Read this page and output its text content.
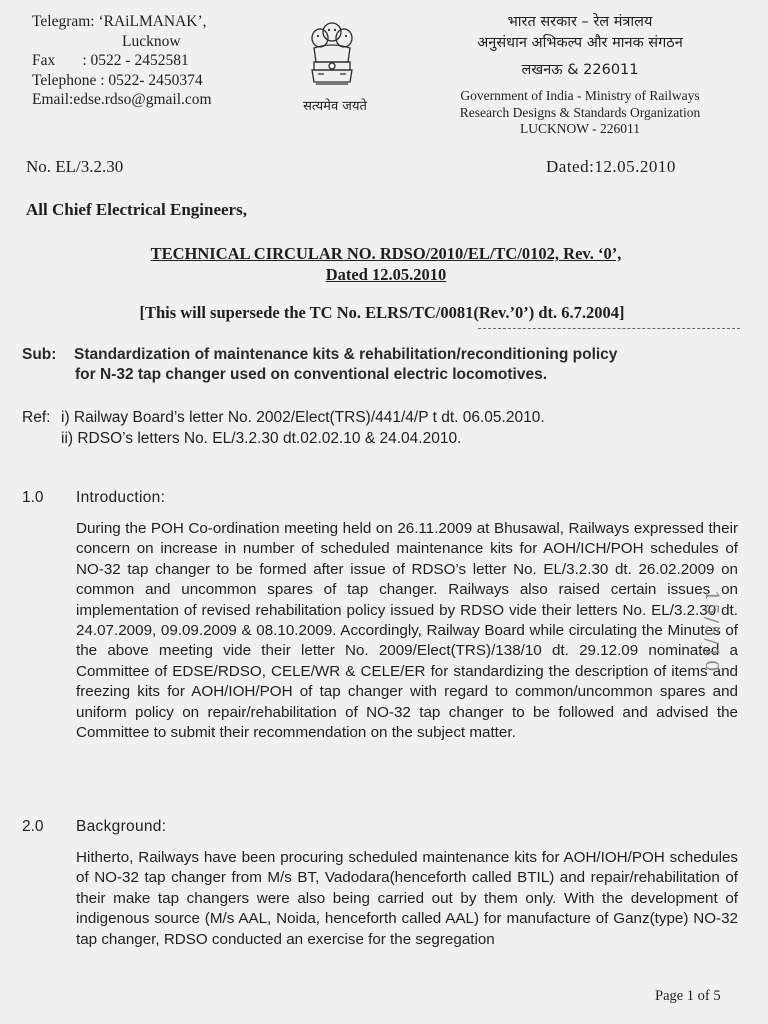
Telegram: ‘RAiLMANAK’,
Lucknow
Fax       : 0522 - 2452581
Telephone : 0522- 2450374
Email:edse.rdso@gmail.com	सत्यमेव जयते
भारत सरकार – रेल मंत्रालय
अनुसंधान अभिकल्प और मानक संगठन
लखनऊ & 226011
Government of India - Ministry of Railways
Research Designs & Standards Organization
LUCKNOW - 226011
No. EL/3.2.30	Dated:12.05.2010
All Chief Electrical Engineers,
TECHNICAL CIRCULAR NO. RDSO/2010/EL/TC/0102, Rev. ‘0’,
Dated 12.05.2010
[This will supersede the TC No. ELRS/TC/0081(Rev.’0’) dt. 6.7.2004]
Sub: Standardization of maintenance kits & rehabilitation/reconditioning policy
for N-32 tap changer used on conventional electric locomotives.
Ref: i) Railway Board’s letter No. 2002/Elect(TRS)/441/4/P t dt. 06.05.2010.
ii) RDSO’s letters No. EL/3.2.30 dt.02.02.10 & 24.04.2010.
1.0 Introduction:
During the POH Co-ordination meeting held on 26.11.2009 at Bhusawal, Railways expressed their concern on increase in number of scheduled maintenance kits for AOH/ICH/POH schedules of NO-32 tap changer to be formed after issue of RDSO’s letter No. EL/3.2.30 dt. 26.02.2009 on common and uncommon spares of tap changer. Railways also raised certain issues on implementation of revised rehabilitation policy issued by RDSO vide their letters No. EL/3.2.30 dt. 24.07.2009, 09.09.2009 & 08.10.2009. Accordingly, Railway Board while circulating the Minutes of the above meeting vide their letter No. 2009/Elect(TRS)/138/10 dt. 29.12.09 nominated a Committee of EDSE/RDSO, CELE/WR & CELE/ER for standardizing the description of items and freezing kits for AOH/IOH/POH of tap changer with regard to common/uncommon spares and uniform policy on repair/rehabilitation of NO-32 tap changer to be followed and advised the Committee to submit their recommendation on the subject matter.
2.0 Background:
Hitherto, Railways have been procuring scheduled maintenance kits for AOH/IOH/POH schedules of NO-32 tap changer from M/s BT, Vadodara(henceforth called BTIL) and repair/rehabilitation of their make tap changers were also being carried out by them only. With the development of indigenous source (M/s AAL, Noida, henceforth called AAL) for manufacture of Ganz(type) NO-32 tap changer, RDSO conducted an exercise for the segregation
15/5/10
Page 1 of 5
